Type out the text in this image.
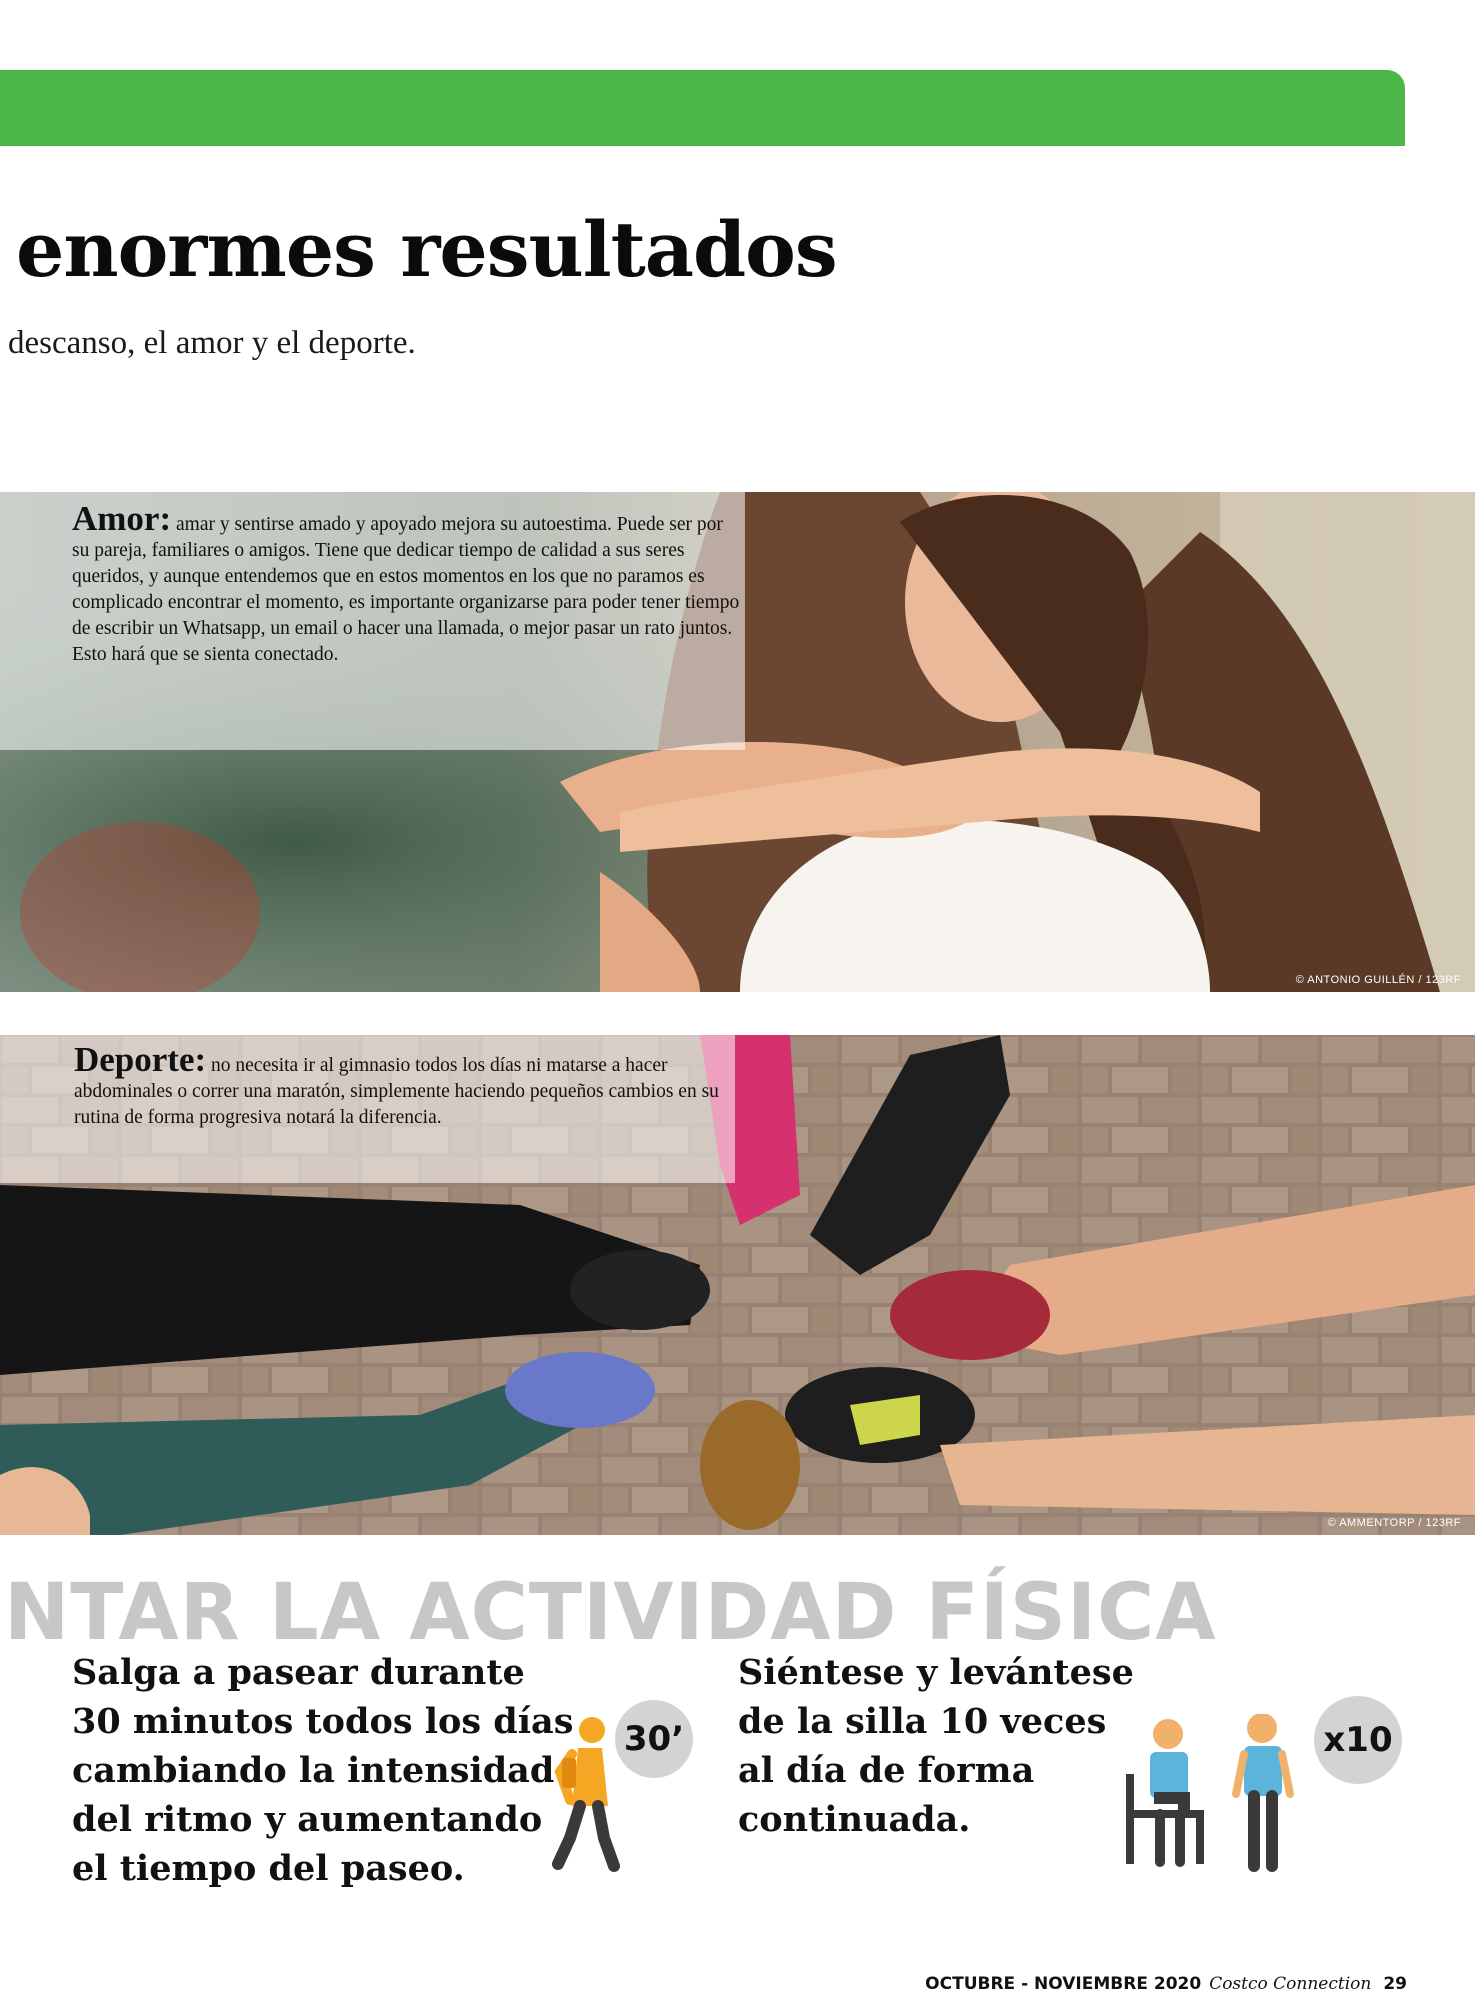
enormes resultados
descanso, el amor y el deporte.
Amor: amar y sentirse amado y apoyado mejora su autoestima. Puede ser por su pareja, familiares o amigos. Tiene que dedicar tiempo de calidad a sus seres queridos, y aunque entendemos que en estos momentos en los que no paramos es complicado encontrar el momento, es importante organizarse para poder tener tiempo de escribir un Whatsapp, un email o hacer una llamada, o mejor pasar un rato juntos. Esto hará que se sienta conectado.
© ANTONIO GUILLÉN / 123RF
Deporte: no necesita ir al gimnasio todos los días ni matarse a hacer abdominales o correr una maratón, simplemente haciendo pequeños cambios en su rutina de forma progresiva notará la diferencia.
© AMMENTORP / 123RF
NTAR LA ACTIVIDAD FÍSICA
Salga a pasear durante 30 minutos todos los días cambiando la intensidad del ritmo y aumentando el tiempo del paseo.
30’
Siéntese y levántese de la silla 10 veces al día de forma continuada.
x10
OCTUBRE - NOVIEMBRE 2020 Costco Connection 29
